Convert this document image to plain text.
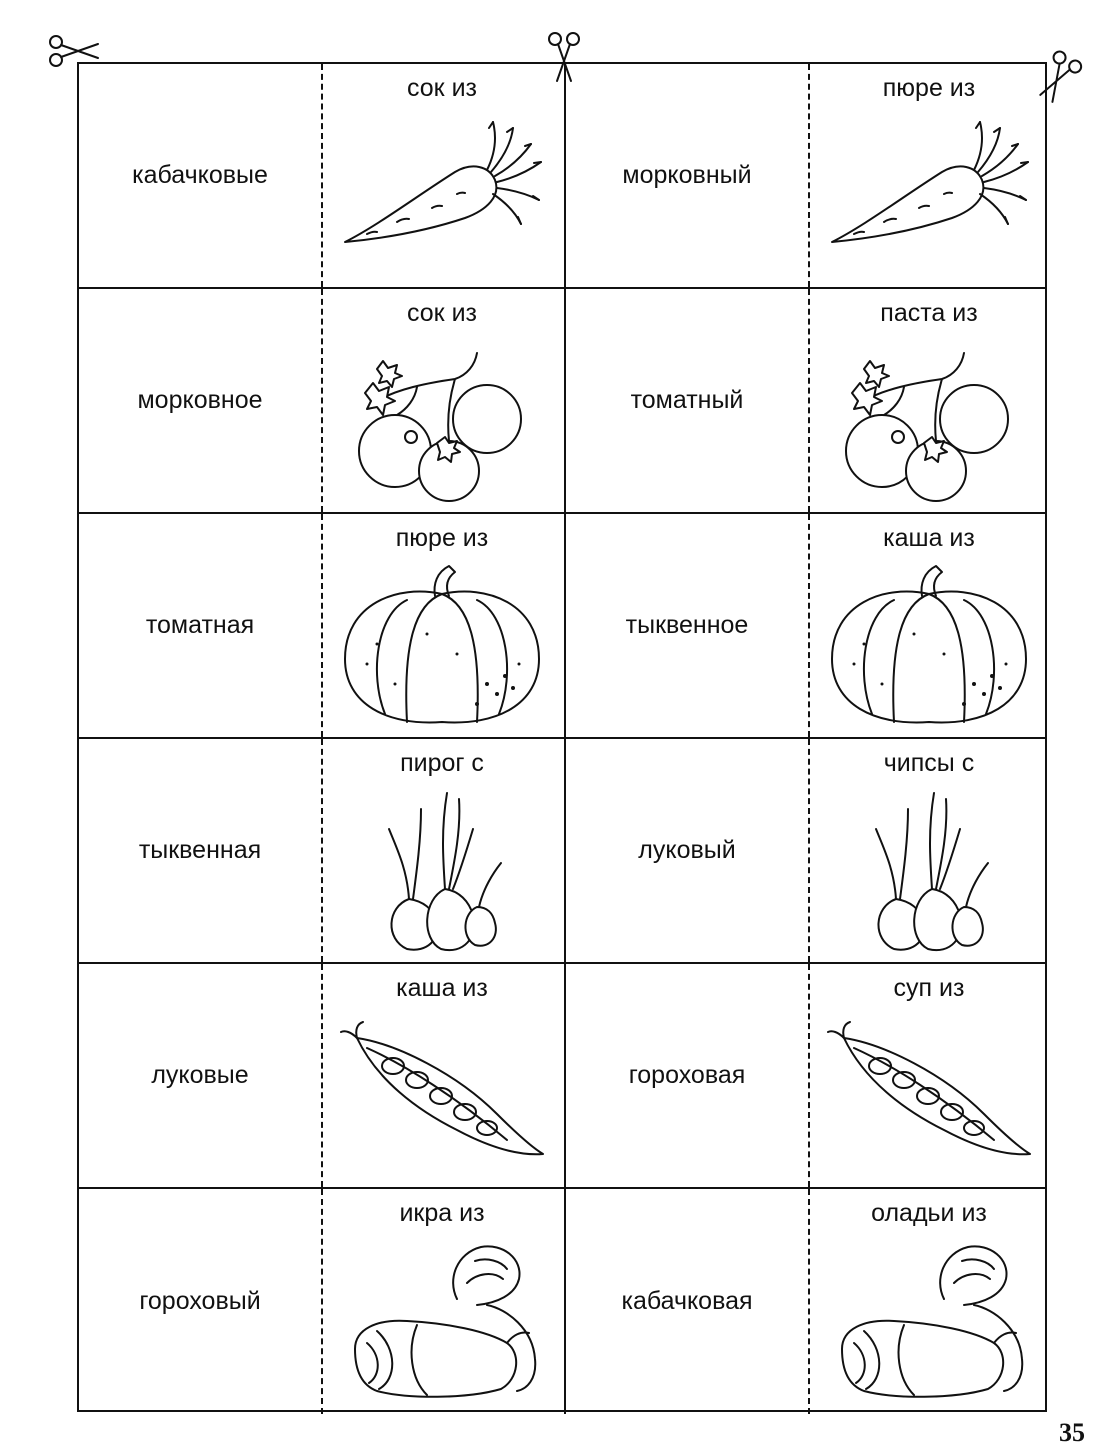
кабачковые
сок из
морковный
пюре из
морковное
сок из
томатный
паста из
томатная
пюре из
тыквенное
каша из
тыквенная
пирог с
луковый
чипсы с
луковые
каша из
гороховая
суп из
гороховый
икра из
кабачковая
оладьи из
35
